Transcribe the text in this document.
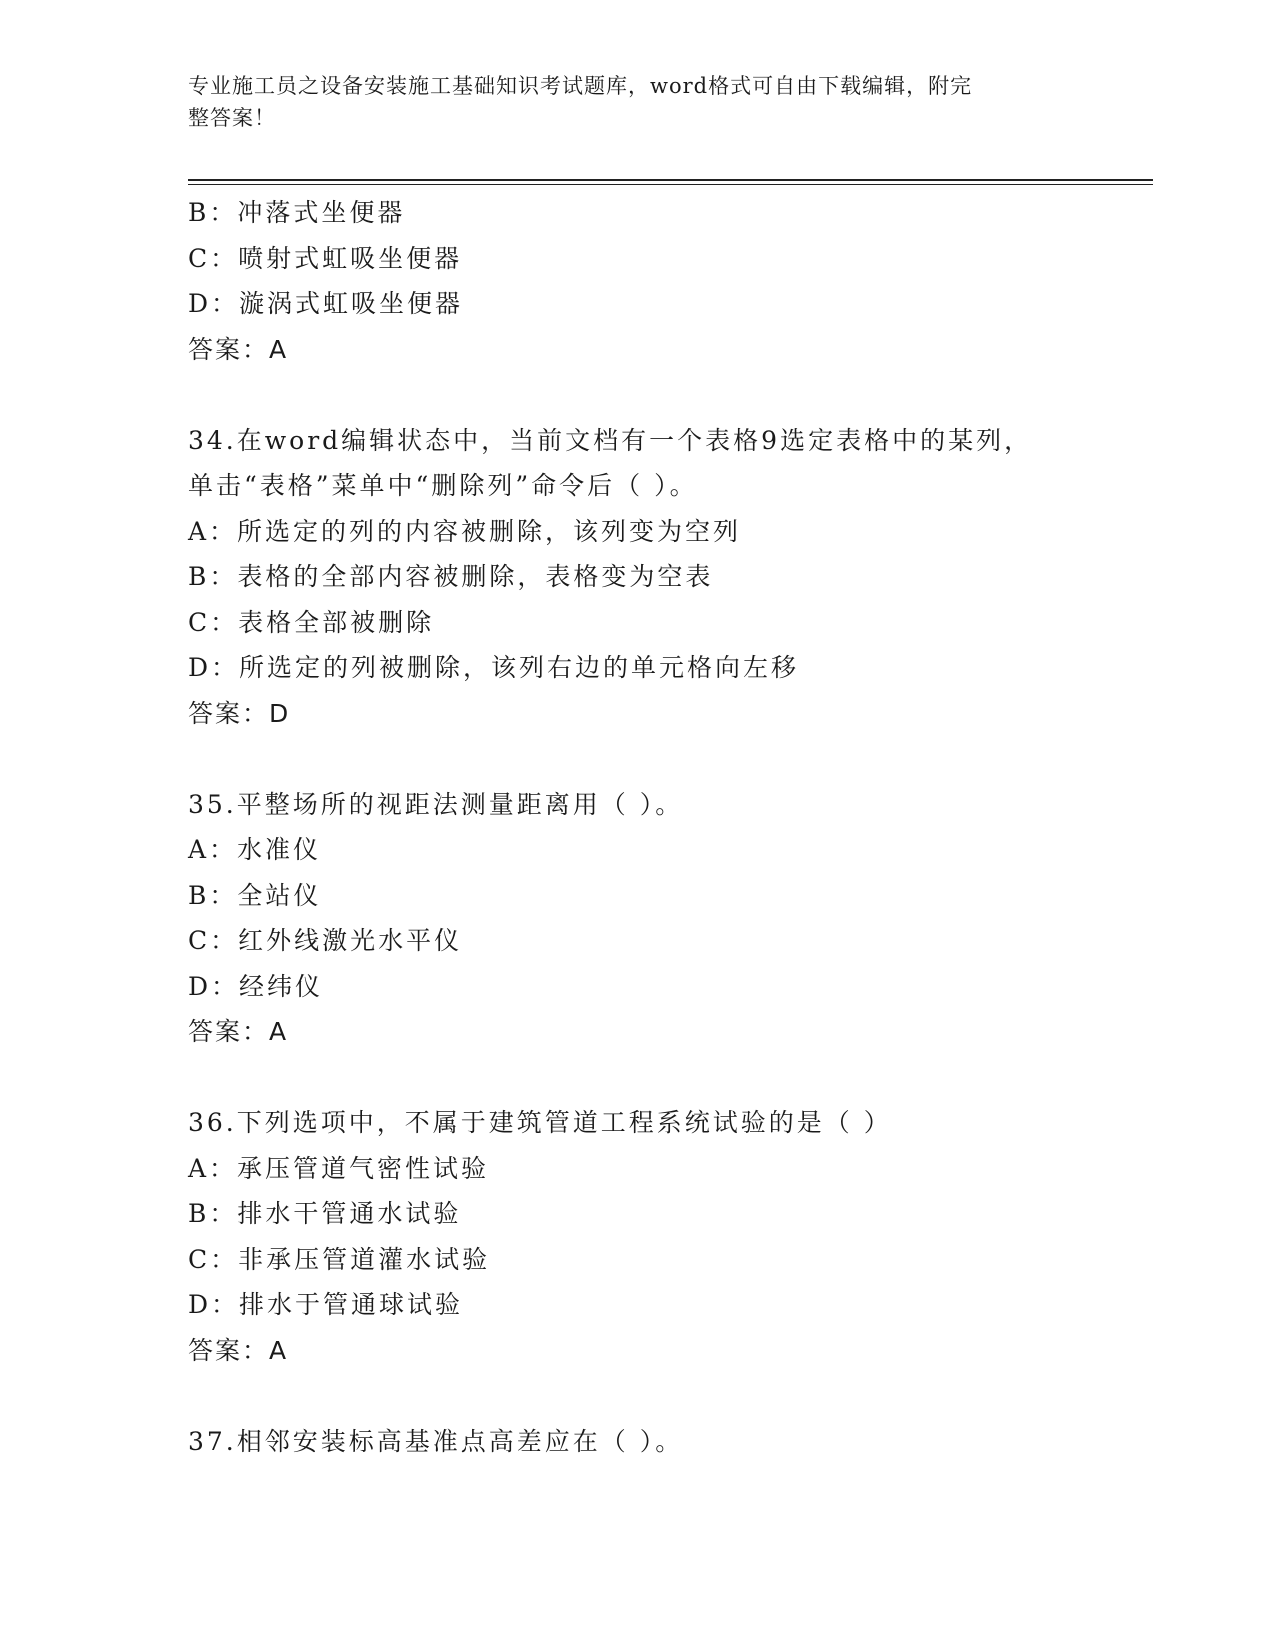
专业施工员之设备安装施工基础知识考试题库，word格式可自由下载编辑，附完
整答案！
B：冲落式坐便器
C：喷射式虹吸坐便器
D：漩涡式虹吸坐便器
答案：A
34.在word编辑状态中，当前文档有一个表格9选定表格中的某列，
单击“表格”菜单中“删除列”命令后（ ）。
A：所选定的列的内容被删除，该列变为空列
B：表格的全部内容被删除，表格变为空表
C：表格全部被删除
D：所选定的列被删除，该列右边的单元格向左移
答案：D
35.平整场所的视距法测量距离用（ ）。
A：水准仪
B：全站仪
C：红外线激光水平仪
D：经纬仪
答案：A
36.下列选项中，不属于建筑管道工程系统试验的是（ ）
A：承压管道气密性试验
B：排水干管通水试验
C：非承压管道灌水试验
D：排水于管通球试验
答案：A
37.相邻安装标高基准点高差应在（ ）。
